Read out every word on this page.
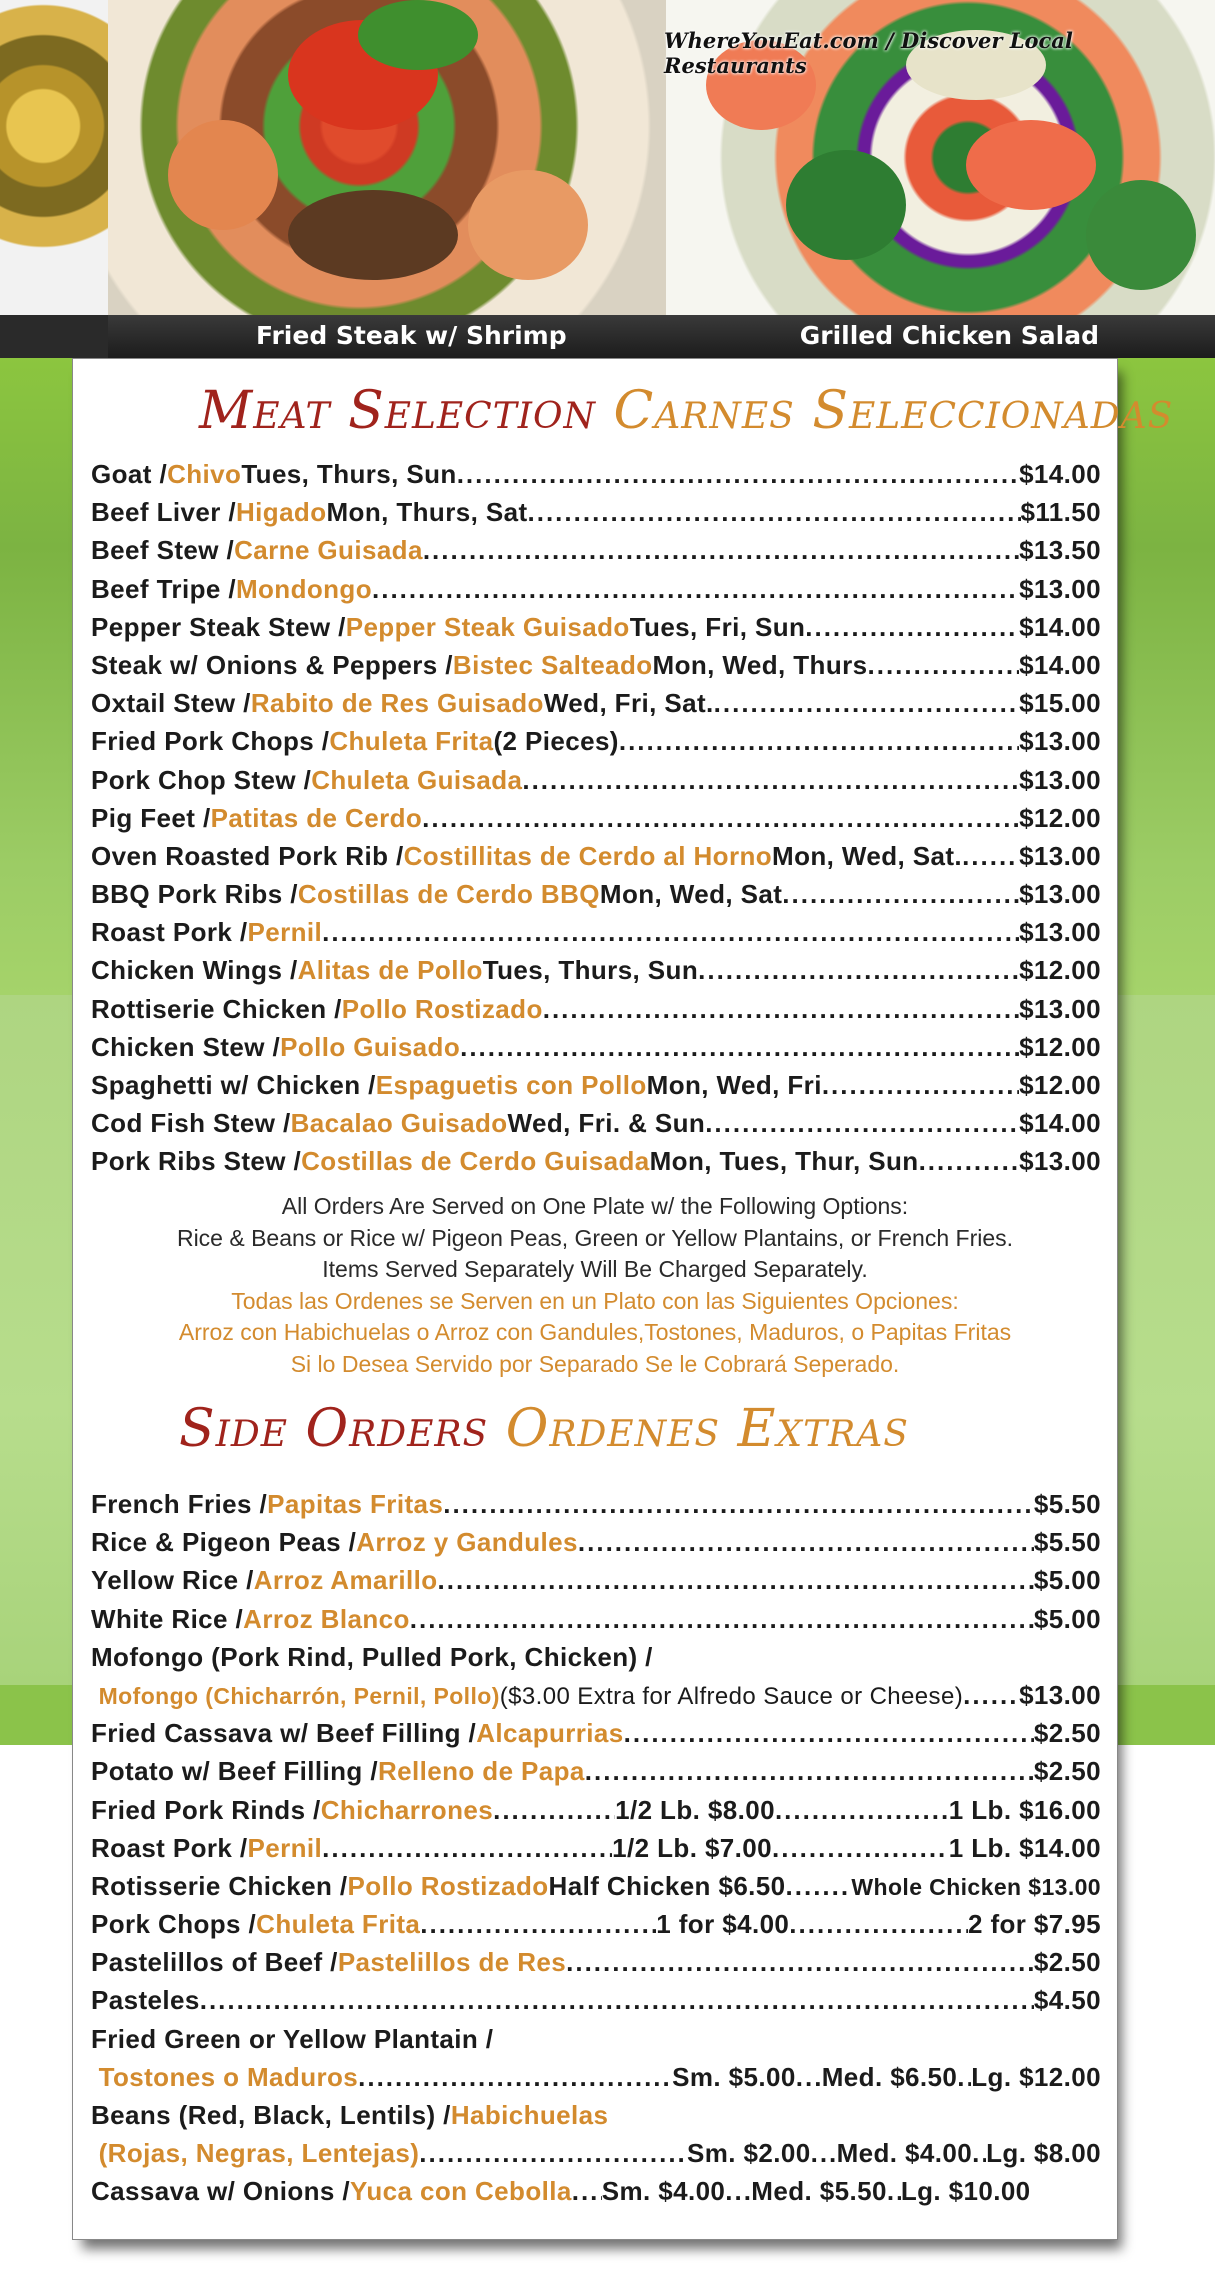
Fried Steak w/ Shrimp	Grilled Chicken Salad
WhereYouEat.com / Discover Local Restaurants
Meat Selection Carnes Seleccionadas
Goat / Chivo Tues, Thurs, Sun .....	$14.00
Beef Liver / Higado Mon, Thurs, Sat .....	$11.50
Beef Stew / Carne Guisada .....	$13.50
Beef Tripe / Mondongo .....	$13.00
Pepper Steak Stew / Pepper Steak Guisado Tues, Fri, Sun .....	$14.00
Steak w/ Onions & Peppers / Bistec Salteado Mon, Wed, Thurs .....	$14.00
Oxtail Stew / Rabito de Res Guisado Wed, Fri, Sat. .....	$15.00
Fried Pork Chops / Chuleta Frita (2 Pieces) .....	$13.00
Pork Chop Stew / Chuleta Guisada .....	$13.00
Pig Feet / Patitas de Cerdo .....	$12.00
Oven Roasted Pork Rib / Costillitas de Cerdo al Horno Mon, Wed, Sat. ..... $13.00
BBQ Pork Ribs / Costillas de Cerdo BBQ Mon, Wed, Sat .....	$13.00
Roast Pork / Pernil .....	$13.00
Chicken Wings / Alitas de Pollo Tues, Thurs, Sun .....	$12.00
Rottiserie Chicken / Pollo Rostizado .....	$13.00
Chicken Stew / Pollo Guisado .....	$12.00
Spaghetti w/ Chicken / Espaguetis con Pollo Mon, Wed, Fri .....	$12.00
Cod Fish Stew / Bacalao Guisado Wed, Fri. & Sun .....	$14.00
Pork Ribs Stew / Costillas de Cerdo Guisada Mon, Tues, Thur, Sun .....	$13.00
All Orders Are Served on One Plate w/ the Following Options:
Rice & Beans or Rice w/ Pigeon Peas, Green or Yellow Plantains, or French Fries.
Items Served Separately Will Be Charged Separately.
Todas las Ordenes se Serven en un Plato con las Siguientes Opciones:
Arroz con Habichuelas o Arroz con Gandules,Tostones, Maduros, o Papitas Fritas
Si lo Desea Servido por Separado Se le Cobrará Seperado.
Side Orders Ordenes Extras
French Fries / Papitas Fritas .....	$5.50
Rice & Pigeon Peas / Arroz y Gandules .....	$5.50
Yellow Rice / Arroz Amarillo .....	$5.00
White Rice / Arroz Blanco .....	$5.00
Mofongo (Pork Rind, Pulled Pork, Chicken) /

Mofongo (Chicharrón, Pernil, Pollo) ($3.00 Extra for Alfredo Sauce or Cheese) ..... $13.00
Fried Cassava w/ Beef Filling / Alcapurrias .....	$2.50
Potato w/ Beef Filling / Relleno de Papa .....	$2.50
Fried Pork Rinds / Chicharrones .....	1/2 Lb. $8.00 .....	1 Lb. $16.00
Roast Pork / Pernil .....	1/2 Lb. $7.00 .....	1 Lb. $14.00
Rotisserie Chicken / Pollo Rostizado Half Chicken $6.50 .....	Whole Chicken $13.00
Pork Chops / Chuleta Frita .....	1 for $4.00 .....	2 for $7.95
Pastelillos of Beef / Pastelillos de Res .....	$2.50
Pasteles .....	$4.50
Fried Green or Yellow Plantain /

Tostones o Maduros .....	Sm. $5.00 ..... Med. $6.50 ..... Lg. $12.00
Beans (Red, Black, Lentils) / Habichuelas

(Rojas, Negras, Lentejas) .....	Sm. $2.00 ..... Med. $4.00 ..... Lg. $8.00
Cassava w/ Onions / Yuca con Cebolla ..... Sm. $4.00 ..... Med. $5.50 ..... Lg. $10.00
